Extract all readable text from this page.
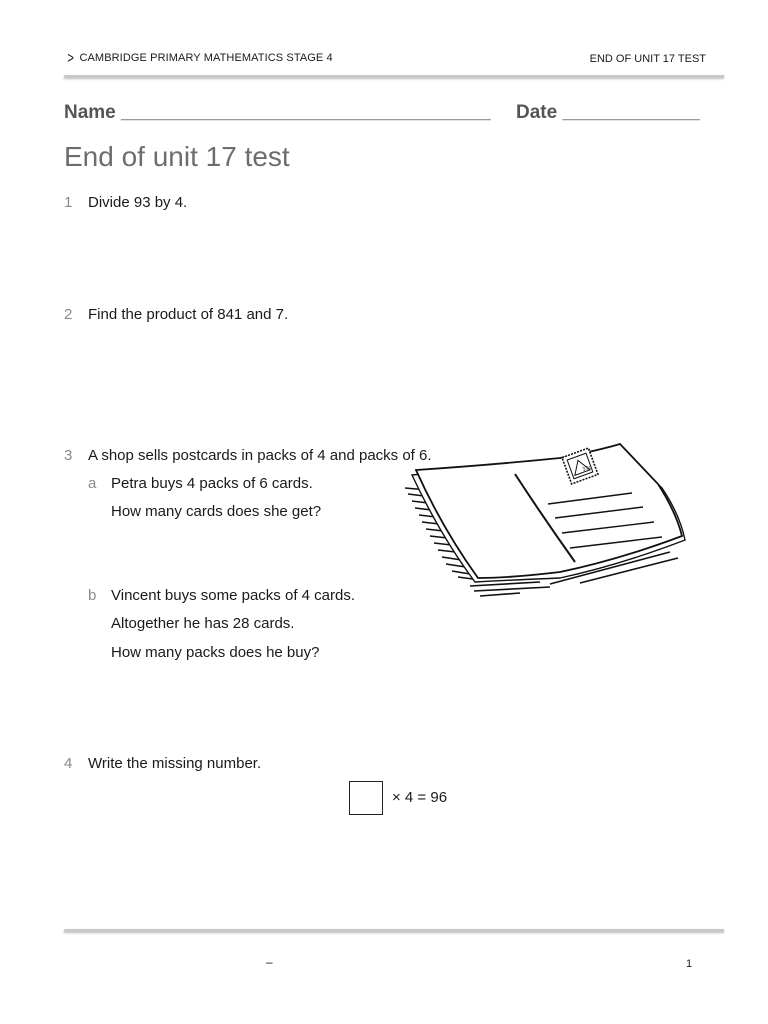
> CAMBRIDGE PRIMARY MATHEMATICS STAGE 4	END OF UNIT 17 TEST
Name ___________________________________ Date _____________
End of unit 17 test
1 Divide 93 by 4.
2 Find the product of 841 and 7.
3 A shop sells postcards in packs of 4 and packs of 6.
a Petra buys 4 packs of 6 cards.
How many cards does she get?
b Vincent buys some packs of 4 cards.
Altogether he has 28 cards.
How many packs does he buy?
37c
4 Write the missing number.
× 4 = 96
–	1
